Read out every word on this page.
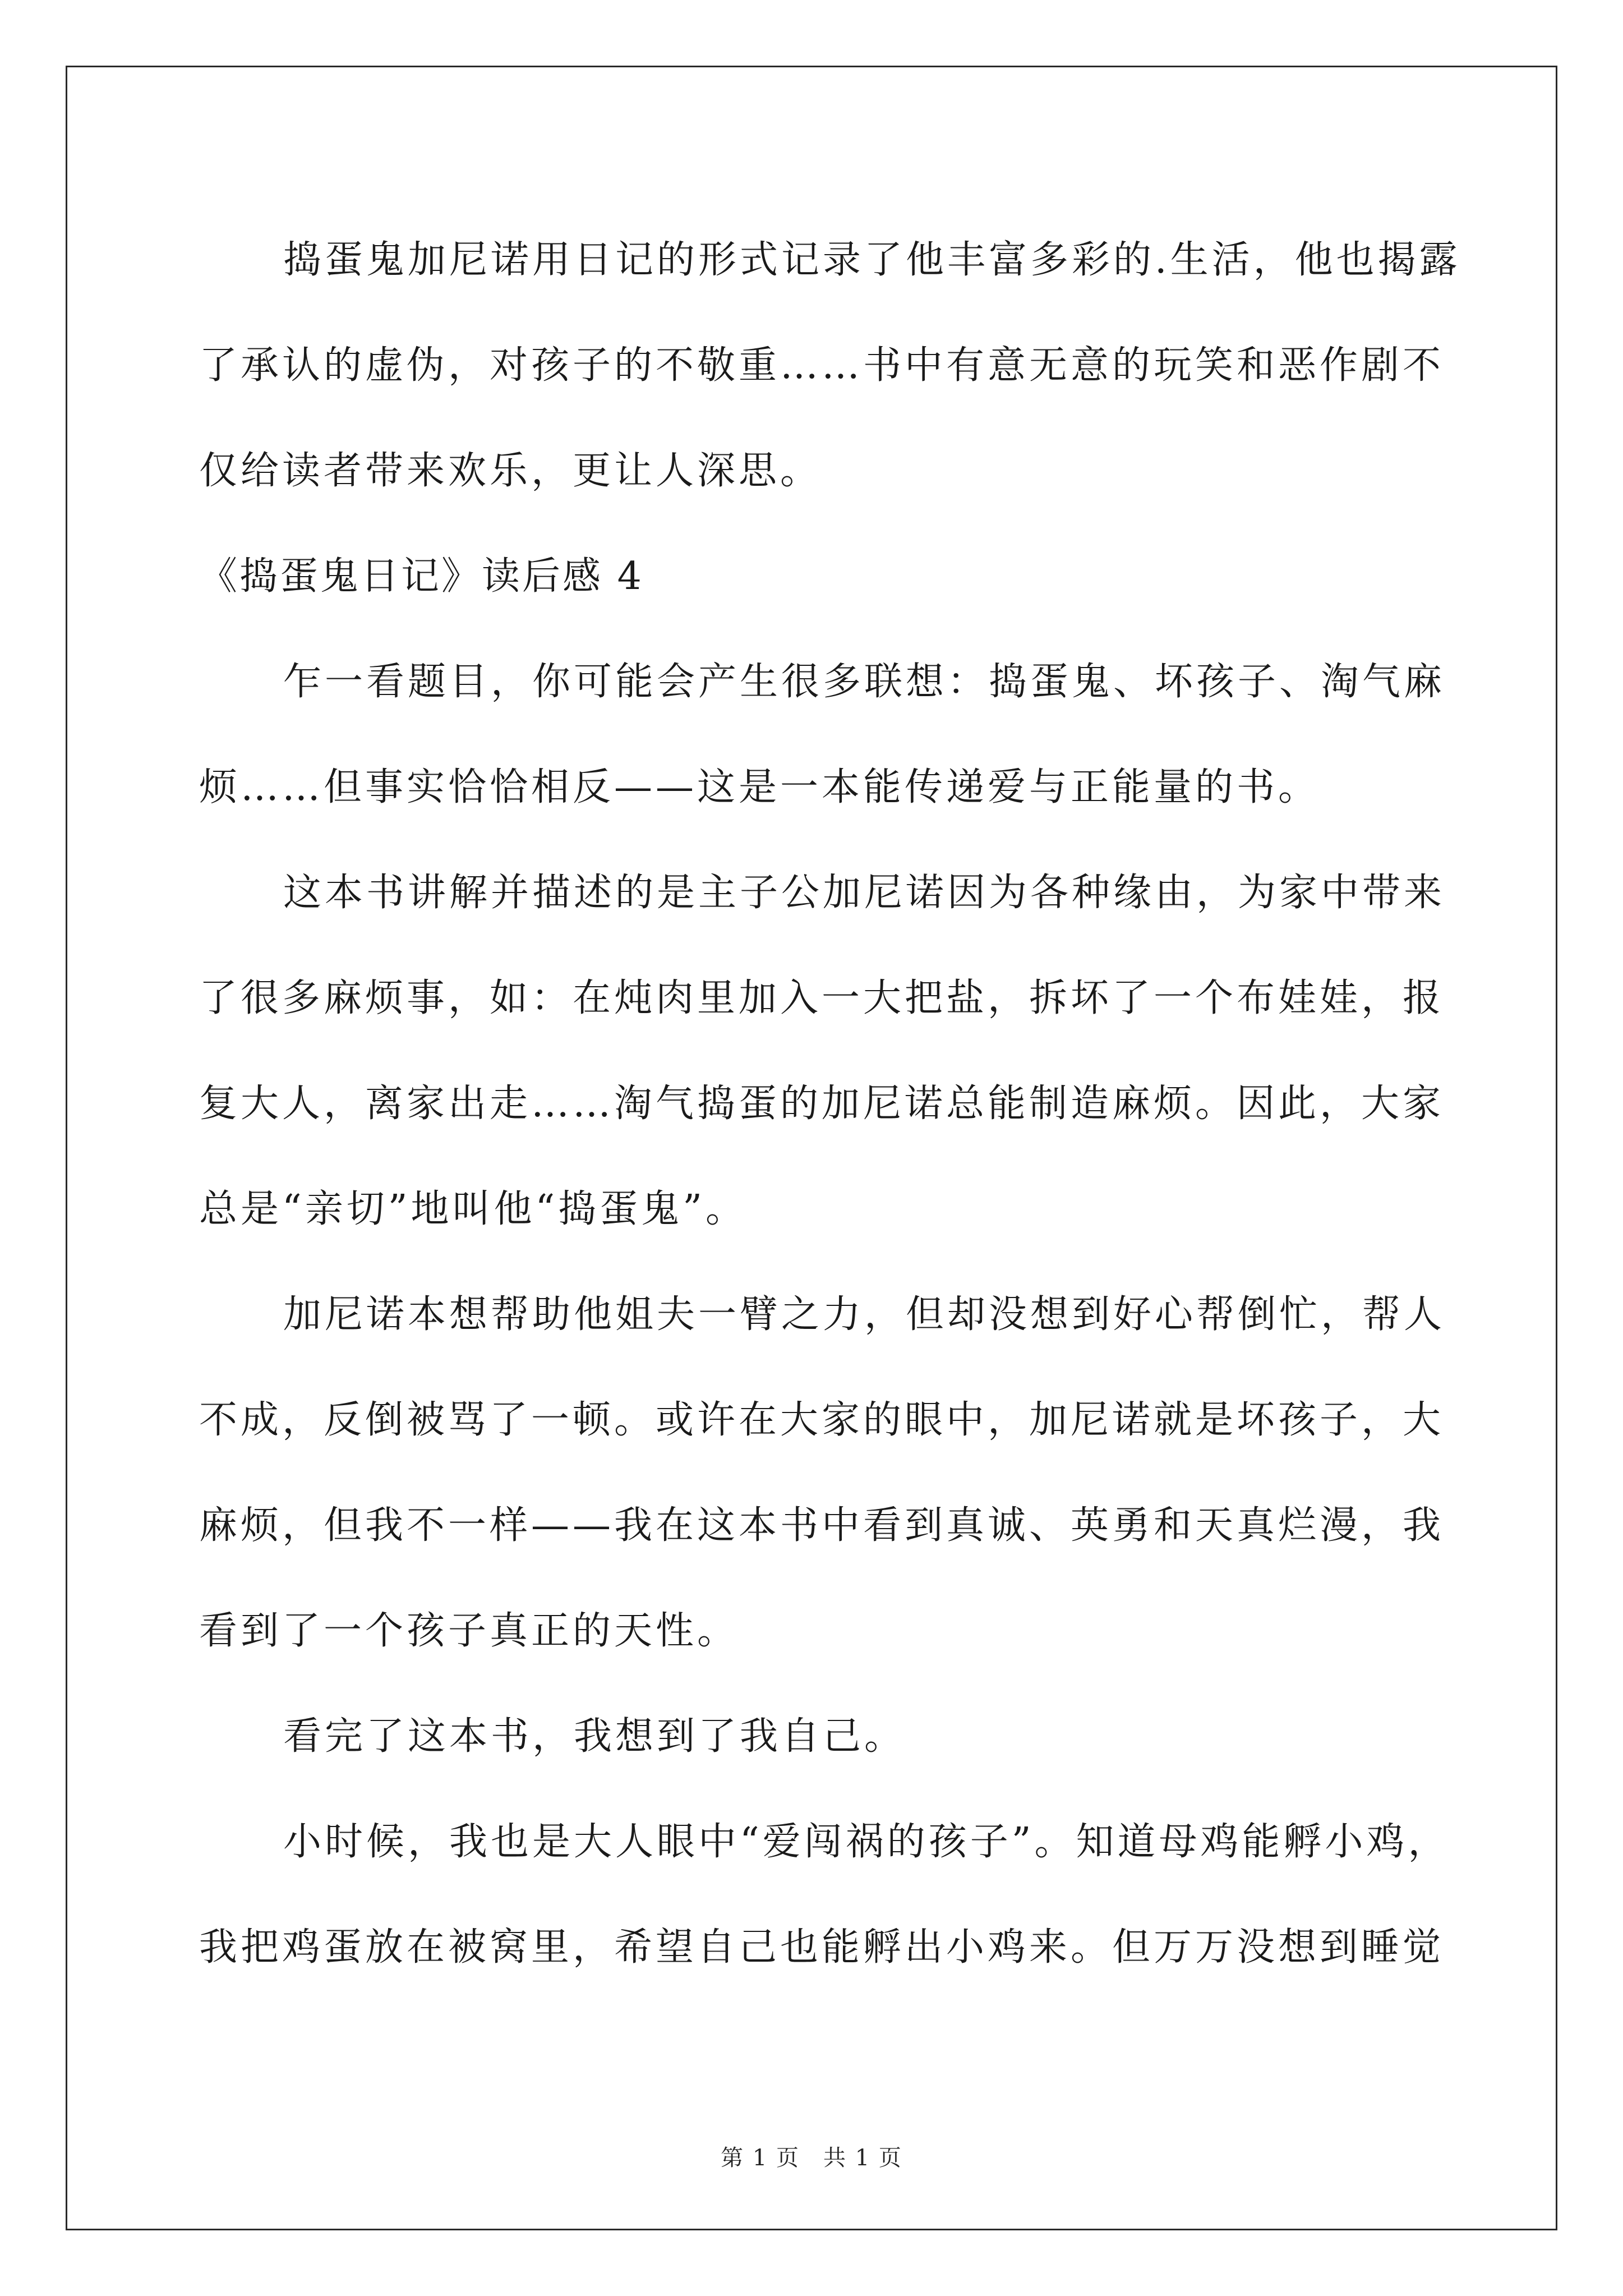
捣蛋鬼加尼诺用日记的形式记录了他丰富多彩的.生活，他也揭露
了承认的虚伪，对孩子的不敬重……书中有意无意的玩笑和恶作剧不
仅给读者带来欢乐，更让人深思。
《捣蛋鬼日记》读后感 4
乍一看题目，你可能会产生很多联想：捣蛋鬼、坏孩子、淘气麻
烦……但事实恰恰相反——这是一本能传递爱与正能量的书。
这本书讲解并描述的是主子公加尼诺因为各种缘由，为家中带来
了很多麻烦事，如：在炖肉里加入一大把盐，拆坏了一个布娃娃，报
复大人，离家出走……淘气捣蛋的加尼诺总能制造麻烦。因此，大家
总是“亲切”地叫他“捣蛋鬼”。
加尼诺本想帮助他姐夫一臂之力，但却没想到好心帮倒忙，帮人
不成，反倒被骂了一顿。或许在大家的眼中，加尼诺就是坏孩子，大
麻烦，但我不一样——我在这本书中看到真诚、英勇和天真烂漫，我
看到了一个孩子真正的天性。
看完了这本书，我想到了我自己。
小时候，我也是大人眼中“爱闯祸的孩子”。知道母鸡能孵小鸡，
我把鸡蛋放在被窝里，希望自己也能孵出小鸡来。但万万没想到睡觉
第 1 页　共 1 页
